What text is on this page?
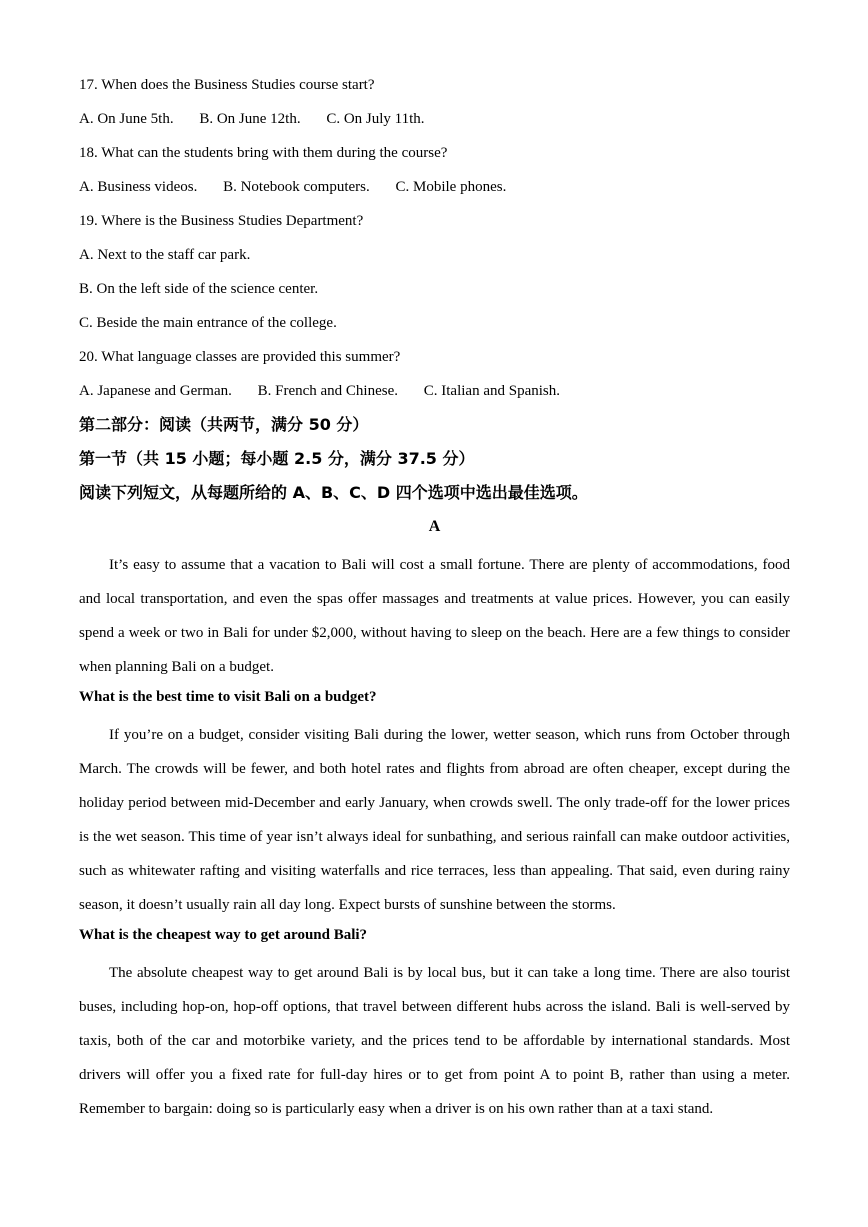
17. When does the Business Studies course start?
A. On June 5th. B. On June 12th. C. On July 11th.
18. What can the students bring with them during the course?
A. Business videos. B. Notebook computers. C. Mobile phones.
19. Where is the Business Studies Department?
A. Next to the staff car park.
B. On the left side of the science center.
C. Beside the main entrance of the college.
20. What language classes are provided this summer?
A. Japanese and German. B. French and Chinese. C. Italian and Spanish.
第二部分：阅读（共两节，满分 50 分）
第一节（共 15 小题；每小题 2.5 分，满分 37.5 分）
阅读下列短文，从每题所给的 A、B、C、D 四个选项中选出最佳选项。
A
It’s easy to assume that a vacation to Bali will cost a small fortune. There are plenty of accommodations, food and local transportation, and even the spas offer massages and treatments at value prices. However, you can easily spend a week or two in Bali for under $2,000, without having to sleep on the beach. Here are a few things to consider when planning Bali on a budget.
What is the best time to visit Bali on a budget?
If you’re on a budget, consider visiting Bali during the lower, wetter season, which runs from October through March. The crowds will be fewer, and both hotel rates and flights from abroad are often cheaper, except during the holiday period between mid-December and early January, when crowds swell. The only trade-off for the lower prices is the wet season. This time of year isn’t always ideal for sunbathing, and serious rainfall can make outdoor activities, such as whitewater rafting and visiting waterfalls and rice terraces, less than appealing. That said, even during rainy season, it doesn’t usually rain all day long. Expect bursts of sunshine between the storms.
What is the cheapest way to get around Bali?
The absolute cheapest way to get around Bali is by local bus, but it can take a long time. There are also tourist buses, including hop-on, hop-off options, that travel between different hubs across the island. Bali is well-served by taxis, both of the car and motorbike variety, and the prices tend to be affordable by international standards. Most drivers will offer you a fixed rate for full-day hires or to get from point A to point B, rather than using a meter. Remember to bargain: doing so is particularly easy when a driver is on his own rather than at a taxi stand.
